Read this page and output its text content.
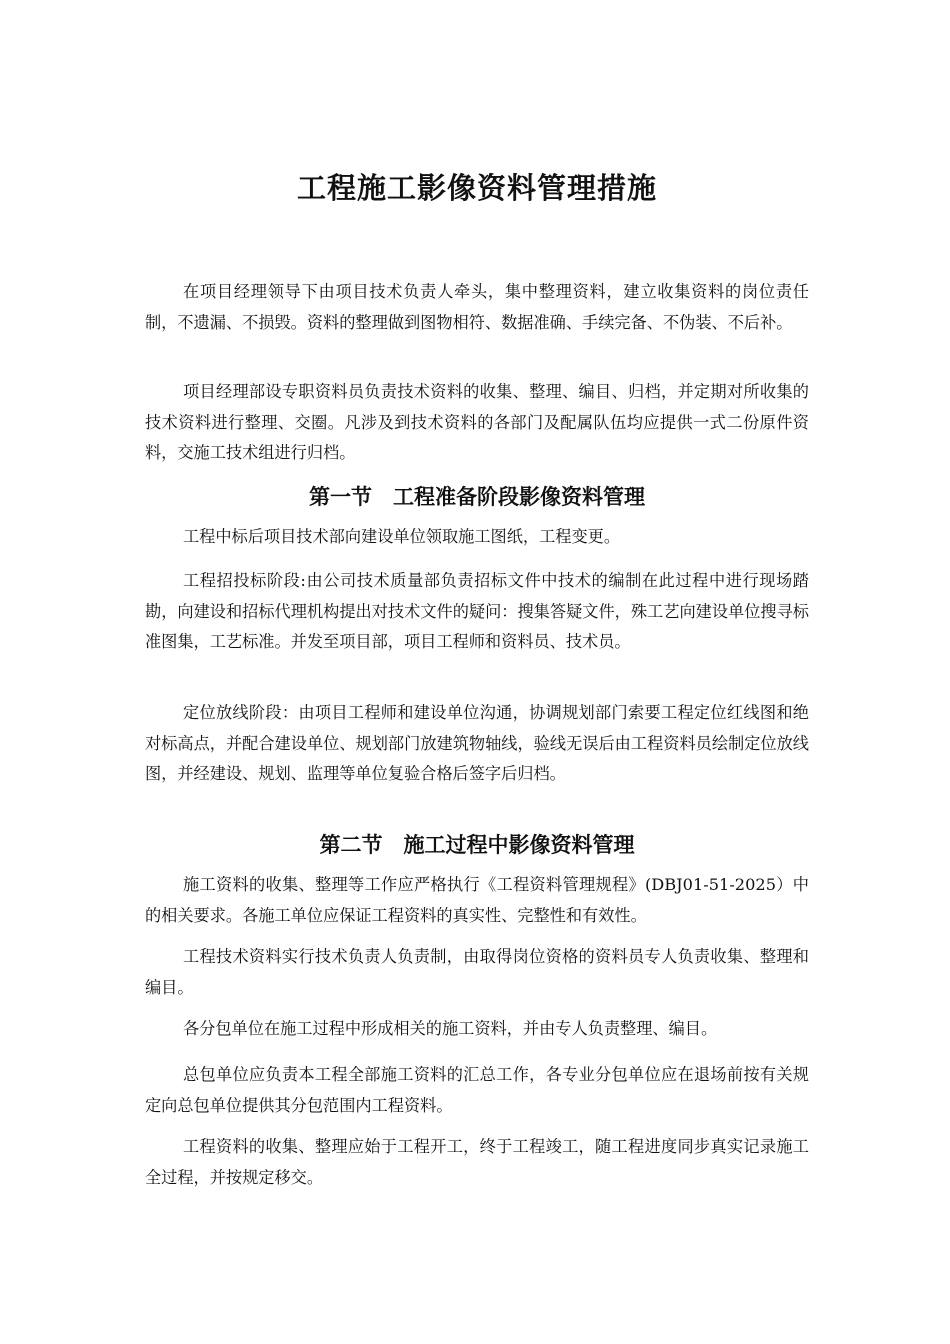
工程施工影像资料管理措施

在项目经理领导下由项目技术负责人牵头，集中整理资料，建立收集资料的岗位责任制，不遗漏、不损毁。资料的整理做到图物相符、数据准确、手续完备、不伪装、不后补。

项目经理部设专职资料员负责技术资料的收集、整理、编目、归档，并定期对所收集的技术资料进行整理、交圈。凡涉及到技术资料的各部门及配属队伍均应提供一式二份原件资料，交施工技术组进行归档。

第一节　工程准备阶段影像资料管理

工程中标后项目技术部向建设单位领取施工图纸，工程变更。

工程招投标阶段:由公司技术质量部负责招标文件中技术的编制在此过程中进行现场踏勘，向建设和招标代理机构提出对技术文件的疑问：搜集答疑文件，殊工艺向建设单位搜寻标准图集，工艺标准。并发至项目部，项目工程师和资料员、技术员。

定位放线阶段：由项目工程师和建设单位沟通，协调规划部门索要工程定位红线图和绝对标高点，并配合建设单位、规划部门放建筑物轴线，验线无误后由工程资料员绘制定位放线图，并经建设、规划、监理等单位复验合格后签字后归档。

第二节　施工过程中影像资料管理

施工资料的收集、整理等工作应严格执行《工程资料管理规程》(DBJ01-51-2025）中的相关要求。各施工单位应保证工程资料的真实性、完整性和有效性。

工程技术资料实行技术负责人负责制，由取得岗位资格的资料员专人负责收集、整理和编目。

各分包单位在施工过程中形成相关的施工资料，并由专人负责整理、编目。

总包单位应负责本工程全部施工资料的汇总工作，各专业分包单位应在退场前按有关规定向总包单位提供其分包范围内工程资料。

工程资料的收集、整理应始于工程开工，终于工程竣工，随工程进度同步真实记录施工全过程，并按规定移交。
